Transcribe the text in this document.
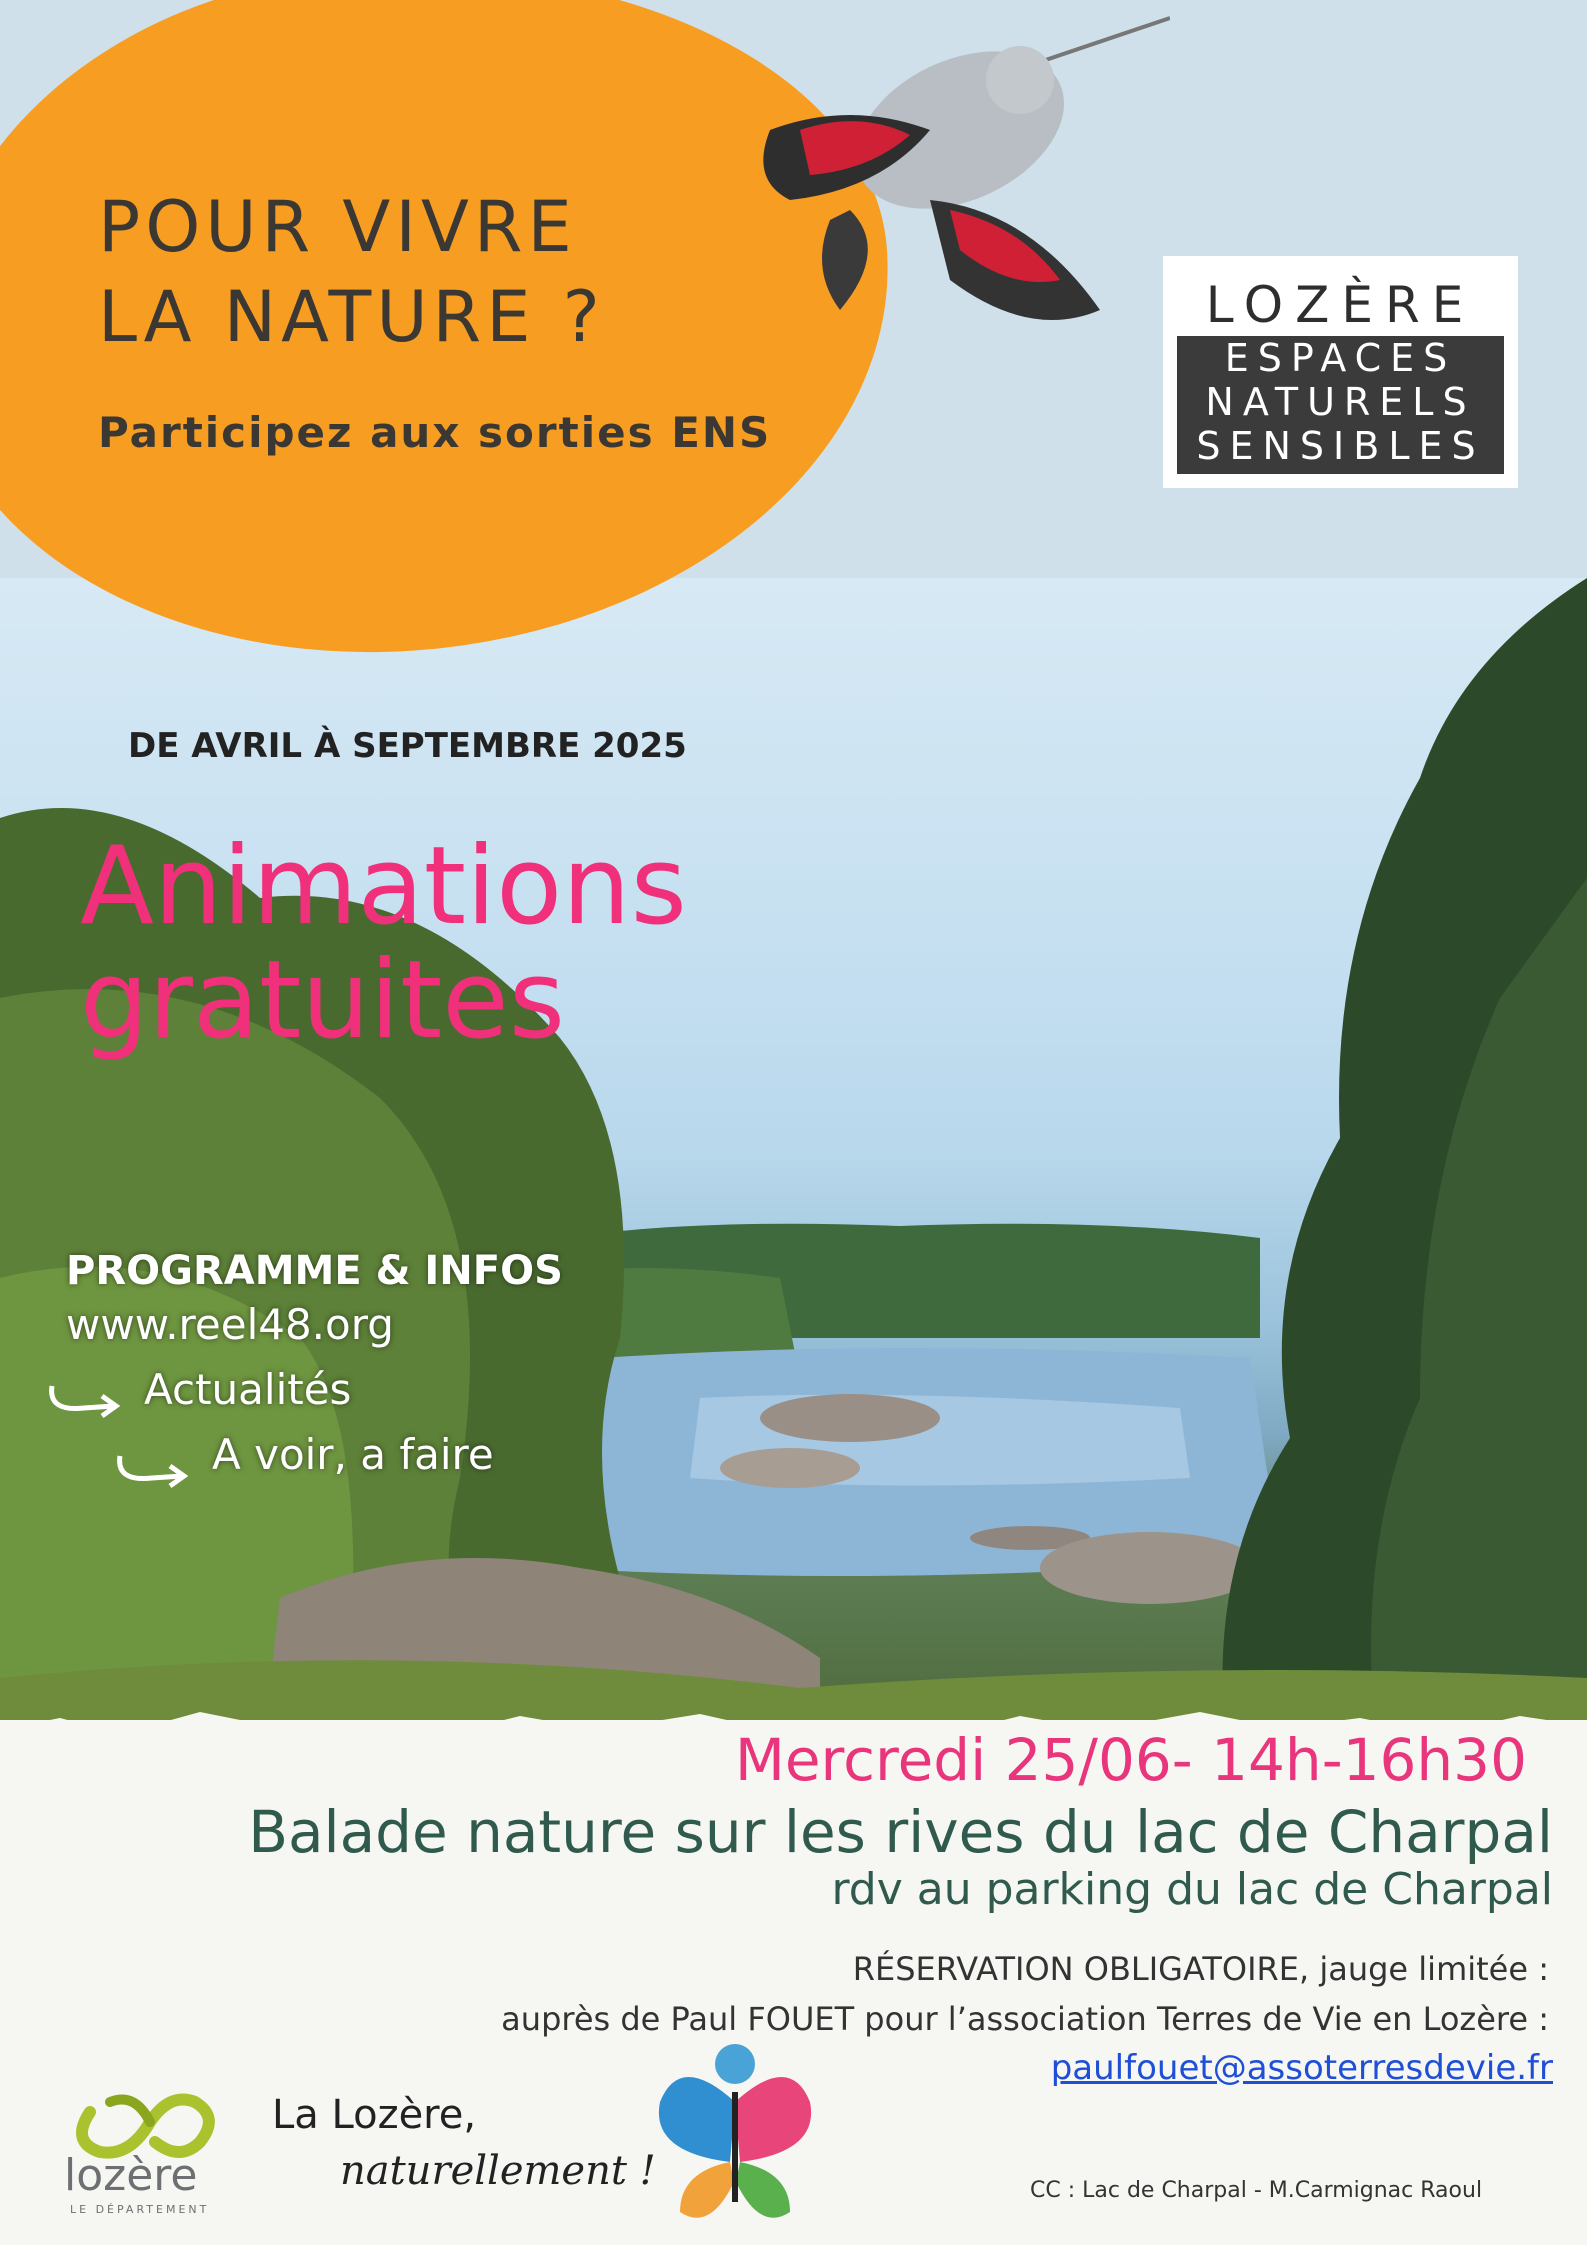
POUR VIVRE
LA NATURE ?
Participez aux sorties ENS
LOZÈRE
ESPACES
NATURELS
SENSIBLES
DE AVRIL À SEPTEMBRE 2025
Animations
gratuites
PROGRAMME & INFOS
www.reel48.org
Actualités
A voir, a faire
Mercredi 25/06- 14h-16h30
Balade nature sur les rives du lac de Charpal
rdv au parking du lac de Charpal
RÉSERVATION OBLIGATOIRE, jauge limitée :
auprès de Paul FOUET pour l’association Terres de Vie en Lozère :
paulfouet@assoterresdevie.fr
lozère
LE DÉPARTEMENT
La Lozère,
naturellement !	CC : Lac de Charpal - M.Carmignac Raoul
